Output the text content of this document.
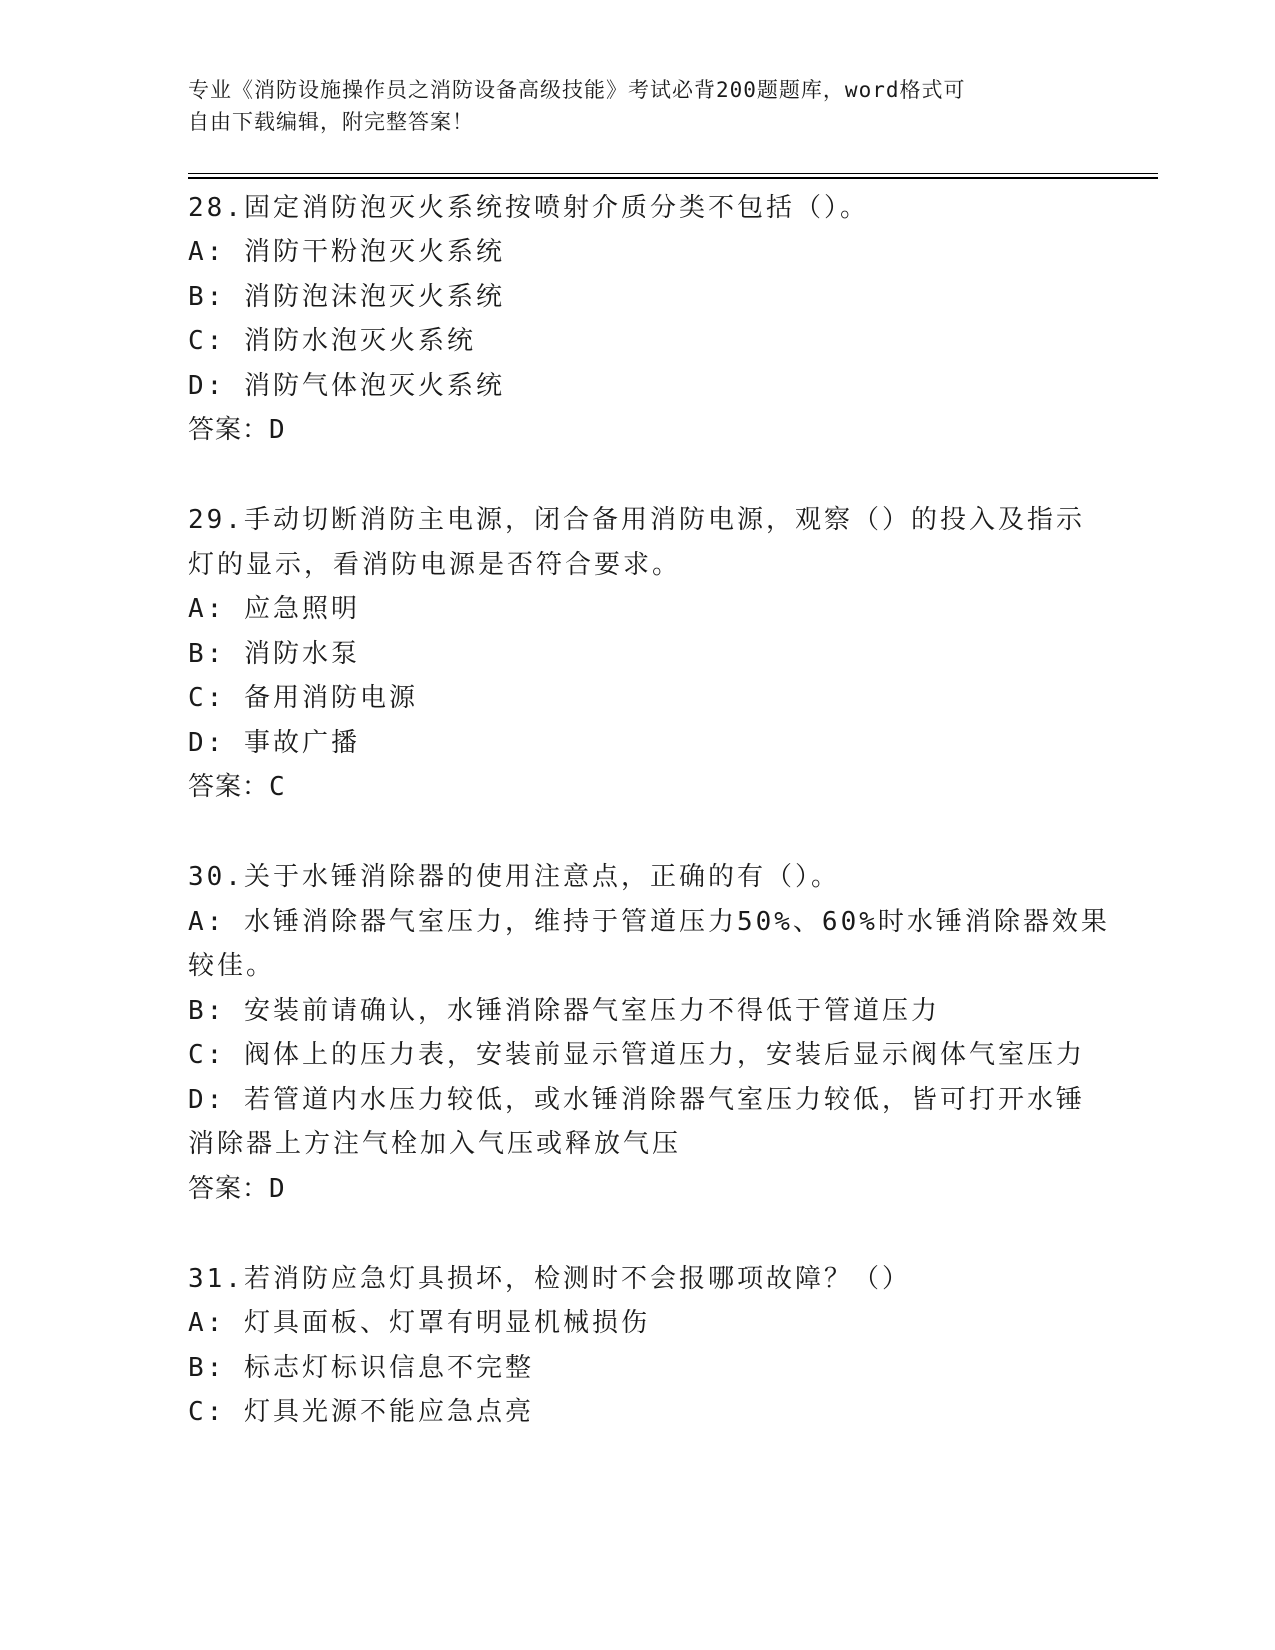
专业《消防设施操作员之消防设备高级技能》考试必背200题题库，word格式可
自由下载编辑，附完整答案！
28.固定消防泡灭火系统按喷射介质分类不包括（）。
A: 消防干粉泡灭火系统
B: 消防泡沫泡灭火系统
C: 消防水泡灭火系统
D: 消防气体泡灭火系统
答案：D
29.手动切断消防主电源，闭合备用消防电源，观察（）的投入及指示
灯的显示，看消防电源是否符合要求。
A: 应急照明
B: 消防水泵
C: 备用消防电源
D: 事故广播
答案：C
30.关于水锤消除器的使用注意点，正确的有（）。
A: 水锤消除器气室压力，维持于管道压力50%、60%时水锤消除器效果
较佳。
B: 安装前请确认，水锤消除器气室压力不得低于管道压力
C: 阀体上的压力表，安装前显示管道压力，安装后显示阀体气室压力
D: 若管道内水压力较低，或水锤消除器气室压力较低，皆可打开水锤
消除器上方注气栓加入气压或释放气压
答案：D
31.若消防应急灯具损坏，检测时不会报哪项故障？（）
A: 灯具面板、灯罩有明显机械损伤
B: 标志灯标识信息不完整
C: 灯具光源不能应急点亮
